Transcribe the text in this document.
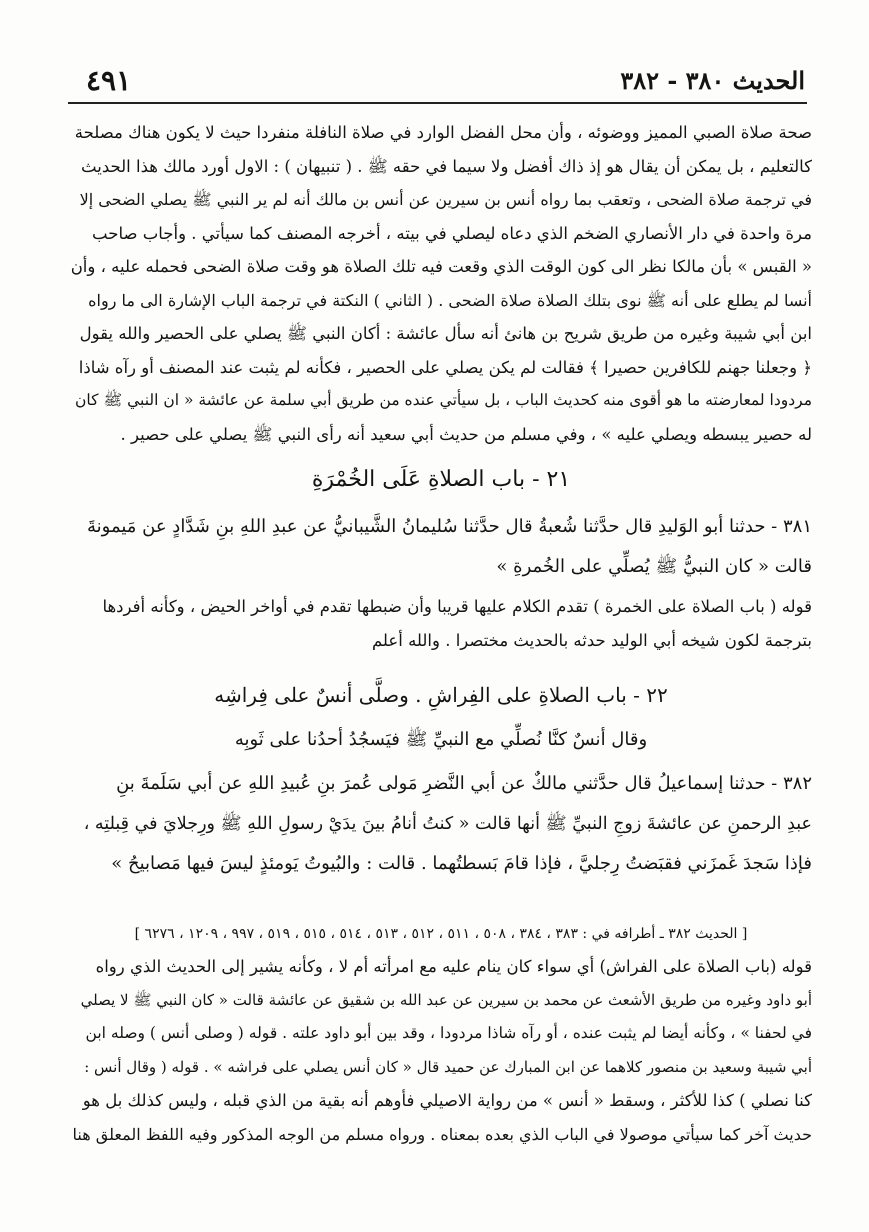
٤٩١	الحديث ٣٨٠ - ٣٨٢
صحة صلاة الصبي المميز ووضوئه ، وأن محل الفضل الوارد في صلاة النافلة منفردا حيث لا يكون هناك مصلحة
كالتعليم ، بل يمكن أن يقال هو إذ ذاك أفضل ولا سيما في حقه ﷺ . ( تنبيهان ) : الاول أورد مالك هذا الحديث
في ترجمة صلاة الضحى ، وتعقب بما رواه أنس بن سيرين عن أنس بن مالك أنه لم ير النبي ﷺ يصلي الضحى إلا
مرة واحدة في دار الأنصاري الضخم الذي دعاه ليصلي في بيته ، أخرجه المصنف كما سيأتي . وأجاب صاحب
« القبس » بأن مالكا نظر الى كون الوقت الذي وقعت فيه تلك الصلاة هو وقت صلاة الضحى فحمله عليه ، وأن
أنسا لم يطلع على أنه ﷺ نوى بتلك الصلاة صلاة الضحى . ( الثاني ) النكتة في ترجمة الباب الإشارة الى ما رواه
ابن أبي شيبة وغيره من طريق شريح بن هانئ أنه سأل عائشة : أكان النبي ﷺ يصلي على الحصير والله يقول
﴿ وجعلنا جهنم للكافرين حصيرا ﴾ فقالت لم يكن يصلي على الحصير ، فكأنه لم يثبت عند المصنف أو رآه شاذا
مردودا لمعارضته ما هو أقوى منه كحديث الباب ، بل سيأتي عنده من طريق أبي سلمة عن عائشة « ان النبي ﷺ كان
له حصير يبسطه ويصلي عليه » ، وفي مسلم من حديث أبي سعيد أنه رأى النبي ﷺ يصلي على حصير .
٢١ - باب الصلاةِ عَلَى الخُمْرَةِ
٣٨١ - حدثنا أبو الوَليدِ قال حدَّثنا شُعبةُ قال حدَّثنا سُليمانُ الشَّيبانيُّ عن عبدِ اللهِ بنِ شَدَّادٍ عن مَيمونةَ
قالت « كان النبيُّ ﷺ يُصلِّي على الخُمرةِ »
قوله ( باب الصلاة على الخمرة ) تقدم الكلام عليها قريبا وأن ضبطها تقدم في أواخر الحيض ، وكأنه أفردها
بترجمة لكون شيخه أبي الوليد حدثه بالحديث مختصرا . والله أعلم
٢٢ - باب الصلاةِ على الفِراشِ . وصلَّى أنسٌ على فِراشِه
وقال أنسٌ كنَّا نُصلِّي مع النبيِّ ﷺ فيَسجُدُ أحدُنا على ثَوبِه
٣٨٢ - حدثنا إسماعيلُ قال حدَّثني مالكٌ عن أبي النَّضرِ مَولى عُمرَ بنِ عُبيدِ اللهِ عن أبي سَلَمةَ بنِ
عبدِ الرحمنِ عن عائشةَ زوجِ النبيِّ ﷺ أنها قالت « كنتُ أنامُ بينَ يدَيْ رسولِ اللهِ ﷺ ورِجلايَ في قِبلتِه ،
فإذا سَجدَ غَمزَني فقبَضتُ رِجليَّ ، فإذا قامَ بَسطتُهما . قالت : والبُيوتُ يَومئذٍ ليسَ فيها مَصابيحُ »
[ الحديث ٣٨٢ ـ أطرافه في : ٣٨٣ ، ٣٨٤ ، ٥٠٨ ، ٥١١ ، ٥١٢ ، ٥١٣ ، ٥١٤ ، ٥١٥ ، ٥١٩ ، ٩٩٧ ، ١٢٠٩ ، ٦٢٧٦ ]
قوله (باب الصلاة على الفراش) أي سواء كان ينام عليه مع امرأته أم لا ، وكأنه يشير إلى الحديث الذي رواه
أبو داود وغيره من طريق الأشعث عن محمد بن سيرين عن عبد الله بن شقيق عن عائشة قالت « كان النبي ﷺ لا يصلي
في لحفنا » ، وكأنه أيضا لم يثبت عنده ، أو رآه شاذا مردودا ، وقد بين أبو داود علته . قوله ( وصلى أنس ) وصله ابن
أبي شيبة وسعيد بن منصور كلاهما عن ابن المبارك عن حميد قال « كان أنس يصلي على فراشه » . قوله ( وقال أنس :
كنا نصلي ) كذا للأكثر ، وسقط « أنس » من رواية الاصيلي فأوهم أنه بقية من الذي قبله ، وليس كذلك بل هو
حديث آخر كما سيأتي موصولا في الباب الذي بعده بمعناه . ورواه مسلم من الوجه المذكور وفيه اللفظ المعلق هنا
